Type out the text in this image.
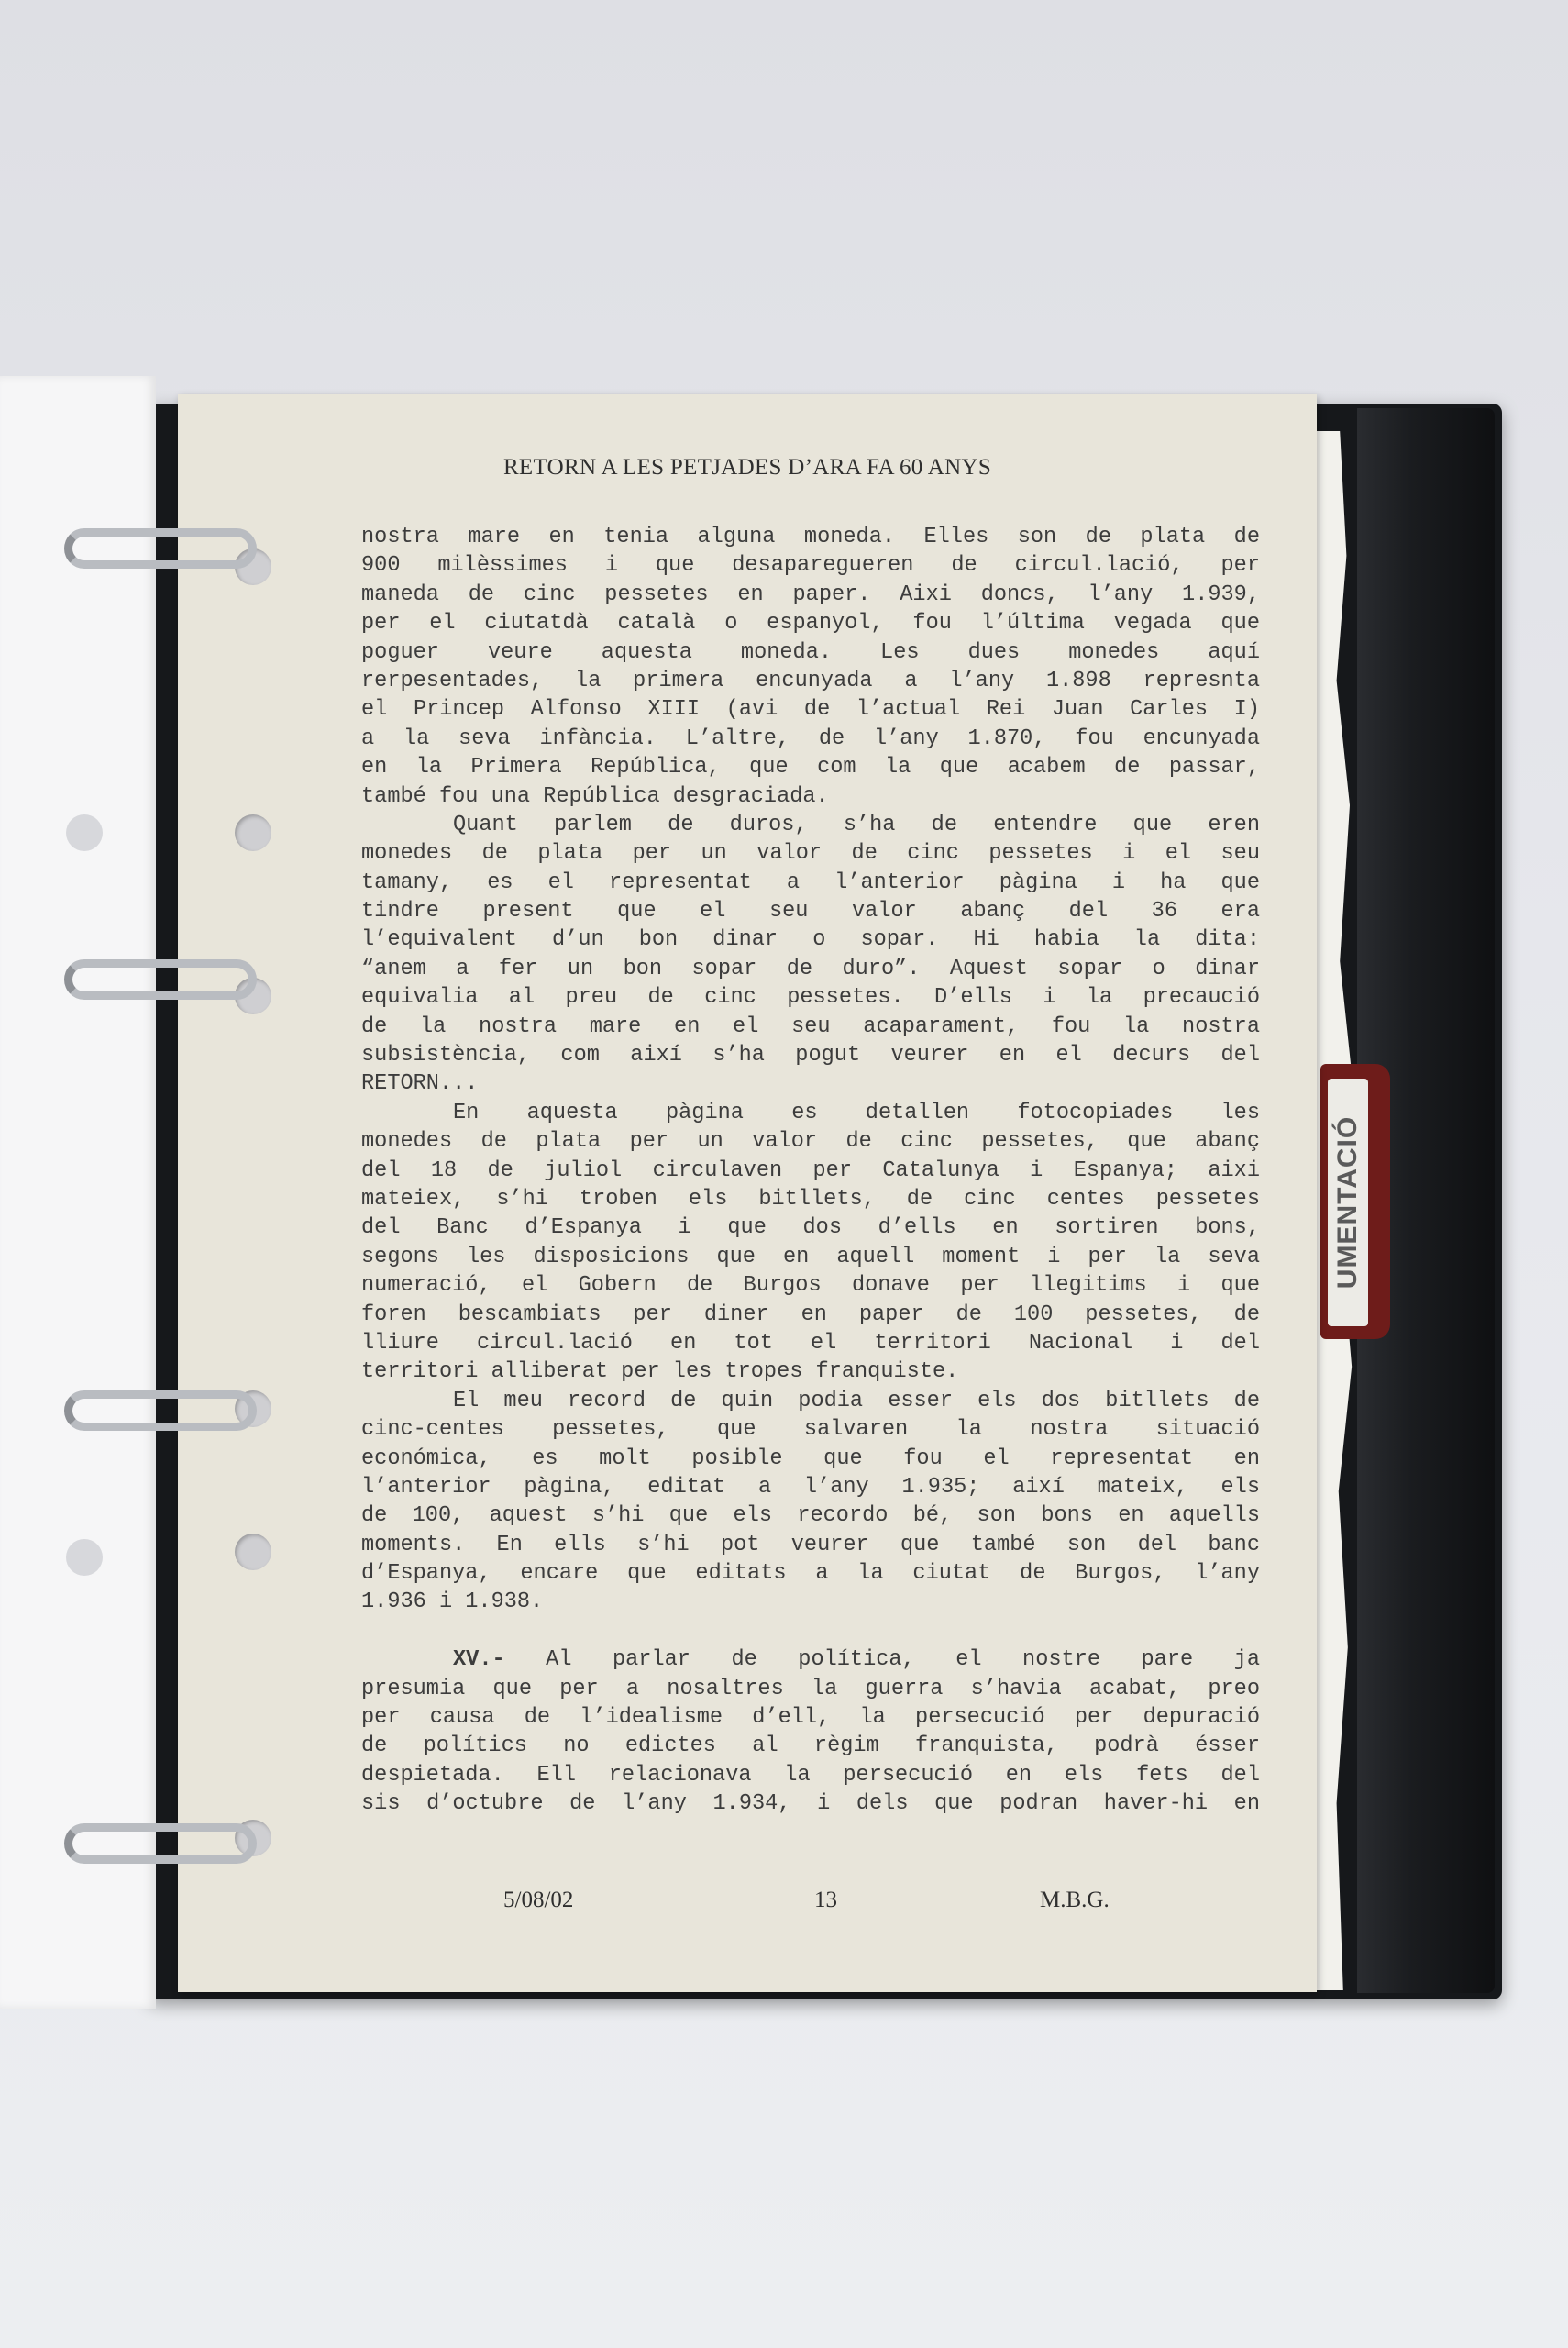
UMENTACIÓ
RETORN A LES PETJADES D’ARA FA 60 ANYS
nostra mare en tenia alguna moneda. Elles son de plata de
900 milèssimes i que desapareguеren de circul.lació, per
maneda de cinc pessetes en paper. Aixi doncs, l’any 1.939,
per el ciutatdà català o espanyol, fou l’última vegada que
poguer veure aquesta moneda. Les dues monedes aquí
rerpesentades, la primera encunyada a l’any 1.898 represnta
el Princep Alfonso XIII (avi de l’actual Rei Juan Carles I)
a la seva infància. L’altre, de l’any 1.870, fou encunyada
en la Primera República, que com la que acabem de passar,
també fou una República desgraciada.
Quant parlem de duros, s’ha de entendre que eren
monedes de plata per un valor de cinc pessetes i el seu
tamany, es el representat a l’anterior pàgina i ha que
tindre present que el seu valor abanç del 36 era
l’equivalent d’un bon dinar o sopar. Hi habia la dita:
“anem a fer un bon sopar de duro”. Aquest sopar o dinar
equivalia al preu de cinc pessetes. D’ells i la precaució
de la nostra mare en el seu acaparament, fou la nostra
subsistència, com així s’ha pogut veurer en el decurs del
RETORN...
En aquesta pàgina es detallen fotocopiades les
monedes de plata per un valor de cinc pessetes, que abanç
del 18 de juliol circulaven per Catalunya i Espanya; aixi
mateiex, s’hi troben els bitllets, de cinc centes pessetes
del Banc d’Espanya i que dos d’ells en sortiren bons,
segons les disposicions que en aquell moment i per la seva
numeració, el Gobern de Burgos donave per llegitims i que
foren bescambiats per diner en paper de 100 pessetes, de
lliure circul.lació en tot el territori Nacional i del
territori alliberat per les tropes franquiste.
El meu record de quin podia esser els dos bitllets de
cinc-centes pessetes, que salvaren la nostra situació
económica, es molt posible que fou el representat en
l’anterior pàgina, editat a l’any 1.935; així mateix, els
de 100, aquest s’hi que els recordo bé, son bons en aquells
moments. En ells s’hi pot veurer que també son del banc
d’Espanya, encare que editats a la ciutat de Burgos, l’any
1.936 i 1.938.
XV.- Al parlar de política, el nostre pare ja
presumia que per a nosaltres la guerra s’havia acabat, preo
per causa de l’idealisme d’ell, la persecució per depuració
de polítics no edictes al règim franquista, podrà ésser
despietada. Ell relacionava la persecució en els fets del
sis d’octubre de l’any 1.934, i dels que podran haver-hi en
5/08/02	13	M.B.G.
